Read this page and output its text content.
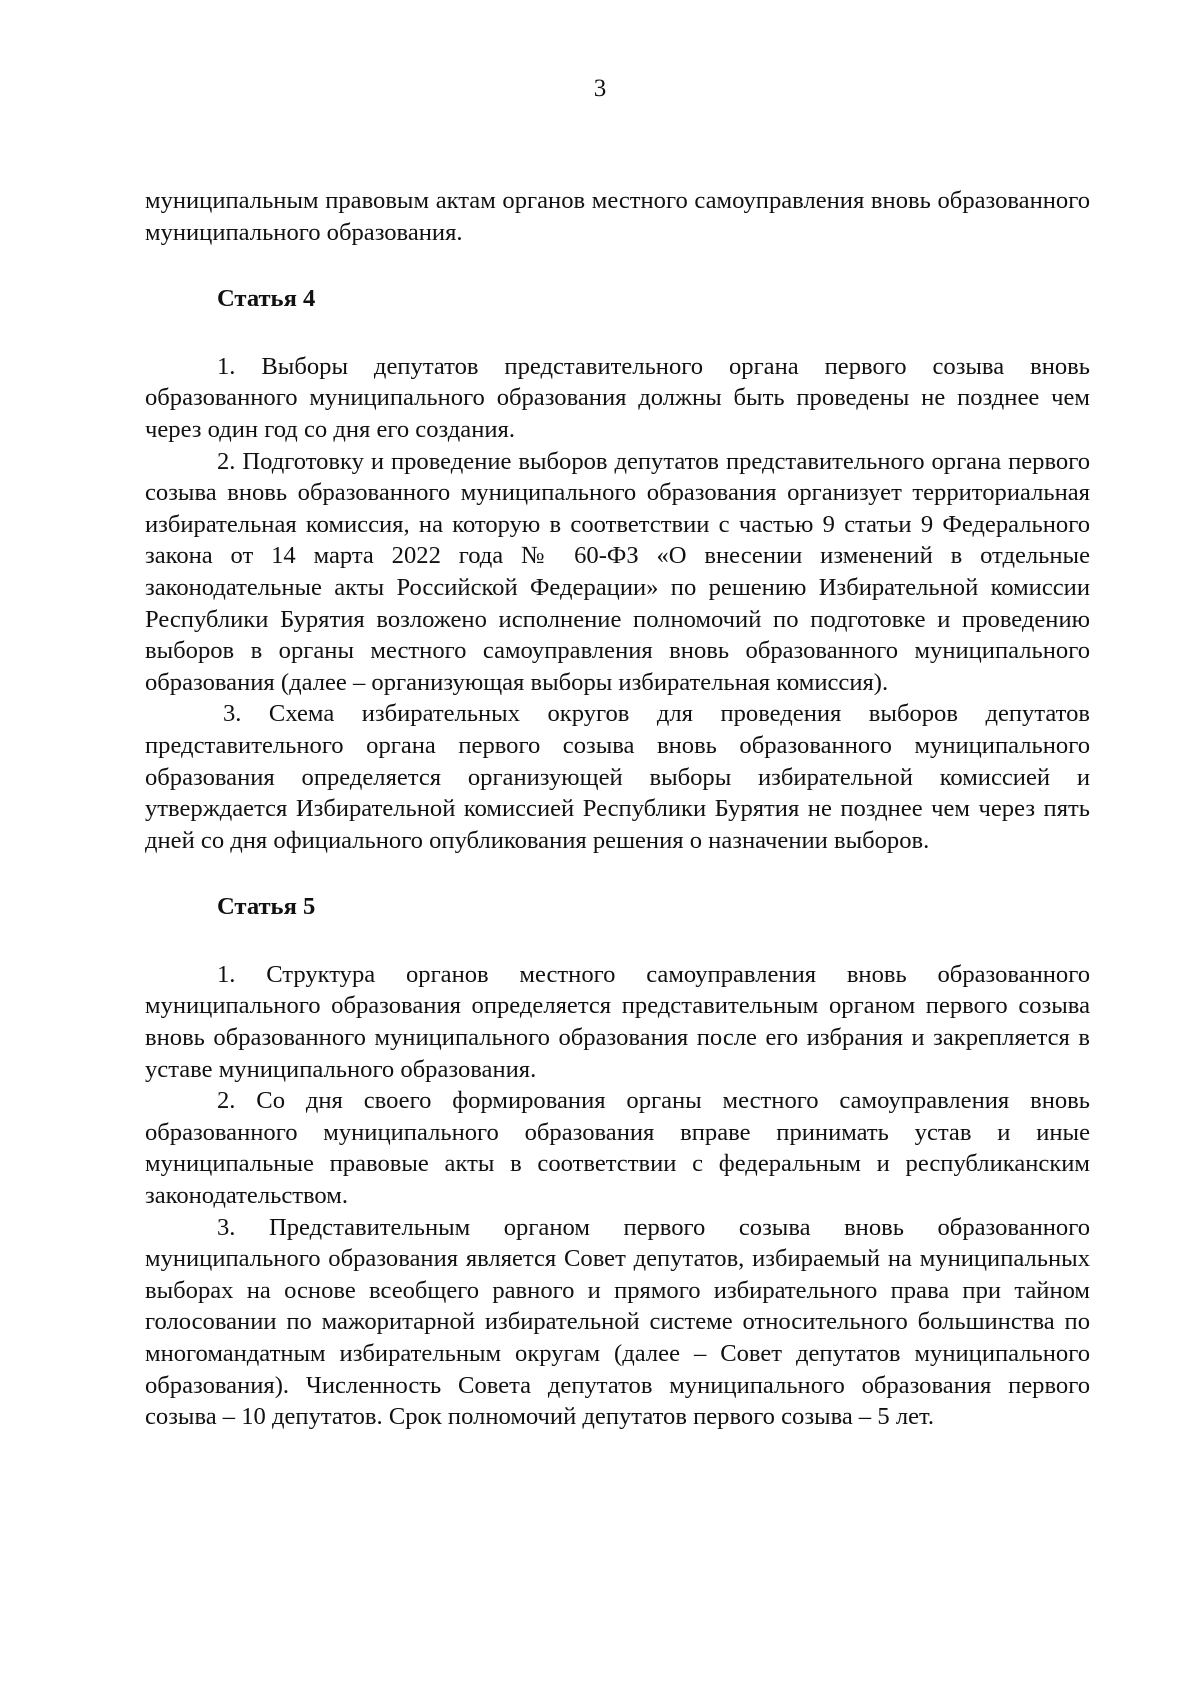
3

муниципальным правовым актам органов местного самоуправления вновь образованного муниципального образования.

Статья 4

1. Выборы депутатов представительного органа первого созыва вновь образованного муниципального образования должны быть проведены не позднее чем через один год со дня его создания.

2. Подготовку и проведение выборов депутатов представительного органа первого созыва вновь образованного муниципального образования организует территориальная избирательная комиссия, на которую в соответствии с частью 9 статьи 9 Федерального закона от 14 марта 2022 года № 60-ФЗ «О внесении изменений в отдельные законодательные акты Российской Федерации» по решению Избирательной комиссии Республики Бурятия возложено исполнение полномочий по подготовке и проведению выборов в органы местного самоуправления вновь образованного муниципального образования (далее – организующая выборы избирательная комиссия).

3. Схема избирательных округов для проведения выборов депутатов представительного органа первого созыва вновь образованного муниципального образования определяется организующей выборы избирательной комиссией и утверждается Избирательной комиссией Республики Бурятия не позднее чем через пять дней со дня официального опубликования решения о назначении выборов.

Статья 5

1. Структура органов местного самоуправления вновь образованного муниципального образования определяется представительным органом первого созыва вновь образованного муниципального образования после его избрания и закрепляется в уставе муниципального образования.

2. Со дня своего формирования органы местного самоуправления вновь образованного муниципального образования вправе принимать устав и иные муниципальные правовые акты в соответствии с федеральным и республиканским законодательством.

3. Представительным органом первого созыва вновь образованного муниципального образования является Совет депутатов, избираемый на муниципальных выборах на основе всеобщего равного и прямого избирательного права при тайном голосовании по мажоритарной избирательной системе относительного большинства по многомандатным избирательным округам (далее – Совет депутатов муниципального образования). Численность Совета депутатов муниципального образования первого созыва – 10 депутатов. Срок полномочий депутатов первого созыва – 5 лет.
